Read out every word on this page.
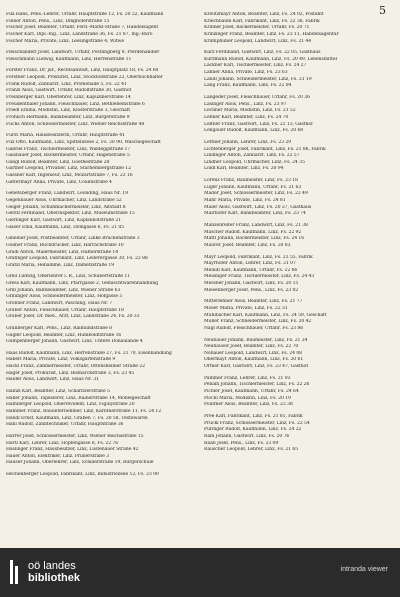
5
Fila Hans, Pens.-Lehrer, Urfahr, Hauptstraße 12, Fs. 20 22, Kaufmann
Finner Anton, Pens., Linz, Dinghoferstraße 15
Fischer Josef, Beamter, Urfahr, Ferd.-Markl-Straße 7, Handelsagent
Fischer Karl, Dipl.-Ing., Linz, Landstraße 36, Fs. 21 87, Ing.-Büro
Fischer Maria, Private, Linz, Lessingstraße 4, Witwe
Fleischanderl Josef, Landwirt, Urfahr, Pöstlingberg 9, Pferdehändler
Fleischmann Ludwig, Kaufmann, Linz, Herrenstraße 11
Forster Franz, Dr. jur., Rechtsanwalt, Linz, Hauptplatz 18, Fs. 24 60
Forstner Leopold, Prokurist, Linz, Stockhofstraße 22, Oberbuchhalter
Frank Rudolf, Zahnarzt, Linz, Promenade 5, Fs. 22 41
Franzl Alois, Gastwirt, Urfahr, Rudolfstraße 30, Gasthof
Freinberger Karl, Oberlehrer, Linz, Kapuzinerstraße 14
Freudenthaler Johann, Fleischhauer, Linz, Bethlehemstraße 6
Friedl Emma, Modistin, Linz, Klosterstraße 3, Geschäft
Fröhlich Hermann, Bankbeamter, Linz, Bürgerstraße 9
Fuchs Anton, Schlossermeister, Linz, Wiener Reichsstraße 48
Fürst Maria, Hausbesitzerin, Urfahr, Hauptstraße 41
Fux Otto, Kaufmann, Linz, Spittelwiese 2, Fs. 20 90, Wäschegeschäft
Gabriel Franz, Tischlermeister, Linz, Waldeggstraße 17
Gaisbauer Josef, Bäckermeister, Urfahr, Hagenstraße 5
Gangl Rudolf, Beamter, Linz, Goethestraße 28
Gartner Leopold, Privatier, Linz, Starhembergstraße 12
Gassner Karl, Ingenieur, Linz, Mozartstraße 7, Fs. 23 16
Gattermayr Anna, Private, Linz, Coulinstraße 4
Gebetsberger Franz, Landwirt, Leonding, Haus Nr. 19
Gegenbauer Alois, Uhrmacher, Linz, Landstraße 52
Geiger Johann, Schuhmachermeister, Linz, Altstadt 8
Gerstl Ferdinand, Oberinspektor, Linz, Museumstraße 15
Gierlinger Karl, Gastwirt, Linz, Kaplanhofstraße 21
Glaser Emil, Kaufmann, Linz, Domgasse 6, Fs. 21 05
Gmeiner Josef, Postbeamter, Urfahr, Linke Brückenstraße 3
Gollner Franz, Buchdrucker, Linz, Harrachstraße 10
Gradl Anton, Malermeister, Linz, Hafnerstraße 14
Grafinger Leopold, Fabrikant, Linz, Lederergasse 30, Fs. 22 88
Gratzl Maria, Hebamme, Linz, Dametzstraße 19
Greil Ludwig, Oberlehrer i. R., Linz, Schubertstraße 11
Gress Karl, Kaufmann, Linz, Pfarrgasse 2, Gemischtwarenhandlung
Grill Johann, Bahnbeamter, Linz, Wiener Straße 63
Grininger Alois, Schneidermeister, Linz, Hofgasse 5
Gröbner Franz, Landwirt, Pasching, Haus Nr. 7
Gruber Anton, Fleischhauer, Urfahr, Hauptstraße 18
Gruber Josef, Dr. med., Arzt, Linz, Landstraße 24, Fs. 20 33
Grünberger Karl, Pens., Linz, Raimundstraße 8
Gugler Leopold, Beamter, Linz, Humboldtstraße 16
Gumpenberger Johann, Gastwirt, Linz, Untere Donaulände 4
Haas Rudolf, Kaufmann, Linz, Herrenstraße 27, Fs. 21 70, Eisenhandlung
Haberl Maria, Private, Linz, Volksgartenstraße 9
Hackl Franz, Zimmermeister, Urfahr, Ottensheimer Straße 22
Hager Josef, Prokurist, Linz, Bismarckstraße 3, Fs. 23 45
Haider Alois, Landwirt, Linz, Haus Nr. 31
Hainzl Karl, Beamter, Linz, Scharitzerstraße 5
Haller Johann, Tapezierer, Linz, Rainerstraße 14, Möbelgeschäft
Hamberger Leopold, Oberrevident, Linz, Figulystraße 20
Hammer Franz, Bauunternehmer, Linz, Kärntnerstraße 11, Fs. 24 12
Handl Ernst, Kaufmann, Linz, Graben 7, Fs. 20 58, Textilwaren
Hanl Rudolf, Zahntechniker, Urfahr, Hauptstraße 36
Harrer Josef, Schlossermeister, Linz, Wiener Reichsstraße 15
Hartl Karl, Lehrer, Linz, Hopfengasse 8, Fs. 22 76
Haslinger Franz, Hausbesitzer, Linz, Lustenauer Straße 42
Hauer Anton, Elektriker, Linz, Prunerstraße 3
Hauser Johann, Oberlehrer, Linz, Schillerstraße 19, Bürgerschule
Hechenberger Leopold, Fabrikant, Linz, Industriezeile 12, Fs. 23 90
Kreutzmayr Anton, Beamter, Linz, Fs. 24 02, Postamt
Kriechbaum Karl, Fabrikant, Linz, Fs. 22 38, Fabrik
Krinner Josef, Bäckermeister, Urfahr, Fs. 20 71
Krinzinger Franz, Beamter, Linz, Fs. 23 11, Handelsagentur
Krumphuber Leopold, Landwirt, Linz, Fs. 21 44
Kurz Ferdinand, Gastwirt, Linz, Fs. 22 05, Gasthaus
Kurzmann Rudolf, Kaufmann, Linz, Fs. 20 49, Lebensmittel
Lackner Karl, Tischlermeister, Linz, Fs. 24 27
Lahner Anna, Private, Linz, Fs. 23 63
Landl Johann, Schneidermeister, Linz, Fs. 21 19
Lang Franz, Kaufmann, Linz, Fs. 22 84
Langeder Josef, Fleischhauer, Urfahr, Fs. 20 36
Lasinger Alois, Pens., Linz, Fs. 23 97
Lechner Maria, Modistin, Linz, Fs. 21 52
Lehner Karl, Beamter, Linz, Fs. 24 70
Leitner Franz, Gastwirt, Linz, Fs. 22 13, Gasthof
Lengauer Rudolf, Kaufmann, Linz, Fs. 20 68
Lettner Johann, Lehrer, Linz, Fs. 23 29
Lichtenberger Josef, Fabrikant, Linz, Fs. 21 86, Fabrik
Lindinger Anton, Zahnarzt, Linz, Fs. 22 57
Lindner Leopold, Uhrmacher, Linz, Fs. 24 35
Loidl Karl, Beamter, Linz, Fs. 20 94
Lorenz Franz, Baumeister, Linz, Fs. 23 18
Luger Johann, Kaufmann, Urfahr, Fs. 21 63
Mader Josef, Schlossermeister, Linz, Fs. 22 49
Mahr Maria, Private, Linz, Fs. 24 81
Maier Alois, Gastwirt, Linz, Fs. 20 27, Gasthaus
Mairhofer Karl, Bankbeamter, Linz, Fs. 23 74
Manzenreiter Franz, Landwirt, Linz, Fs. 21 38
Mascher Rudolf, Kaufmann, Linz, Fs. 22 92
Mattl Johann, Bäckermeister, Linz, Fs. 24 16
Maurer Josef, Beamter, Linz, Fs. 20 83
Mayr Leopold, Fabrikant, Linz, Fs. 23 55, Fabrik
Mayrhofer Anton, Lehrer, Linz, Fs. 21 07
Meindl Karl, Kaufmann, Urfahr, Fs. 22 66
Meisinger Franz, Tischlermeister, Linz, Fs. 24 43
Messner Johann, Gastwirt, Linz, Fs. 20 15
Miesenberger Josef, Pens., Linz, Fs. 23 02
Mitterlehner Alois, Beamter, Linz, Fs. 21 77
Moser Maria, Private, Linz, Fs. 22 31
Mühlbacher Karl, Kaufmann, Linz, Fs. 24 59, Geschäft
Müller Franz, Schneidermeister, Linz, Fs. 20 42
Nagl Rudolf, Fleischhauer, Urfahr, Fs. 23 86
Neubauer Johann, Baumeister, Linz, Fs. 21 24
Neuhauser Josef, Beamter, Linz, Fs. 22 70
Nöbauer Leopold, Landwirt, Linz, Fs. 24 08
Obermayr Anton, Kaufmann, Linz, Fs. 20 61
Ortner Karl, Gastwirt, Linz, Fs. 23 47, Gasthof
Pammer Franz, Lehrer, Linz, Fs. 21 93
Peham Johann, Tischlermeister, Linz, Fs. 22 26
Pichler Josef, Kaufmann, Urfahr, Fs. 24 64
Plöchl Maria, Modistin, Linz, Fs. 20 19
Pointner Alois, Beamter, Linz, Fs. 23 38
Pree Karl, Fabrikant, Linz, Fs. 21 81, Fabrik
Prückl Franz, Schlossermeister, Linz, Fs. 22 54
Püringer Rudolf, Kaufmann, Linz, Fs. 24 22
Rabl Johann, Gastwirt, Linz, Fs. 20 76
Raab Josef, Pens., Linz, Fs. 23 09
Rauscher Leopold, Lehrer, Linz, Fs. 21 65
oö landes
bibliothek
intranda viewer
